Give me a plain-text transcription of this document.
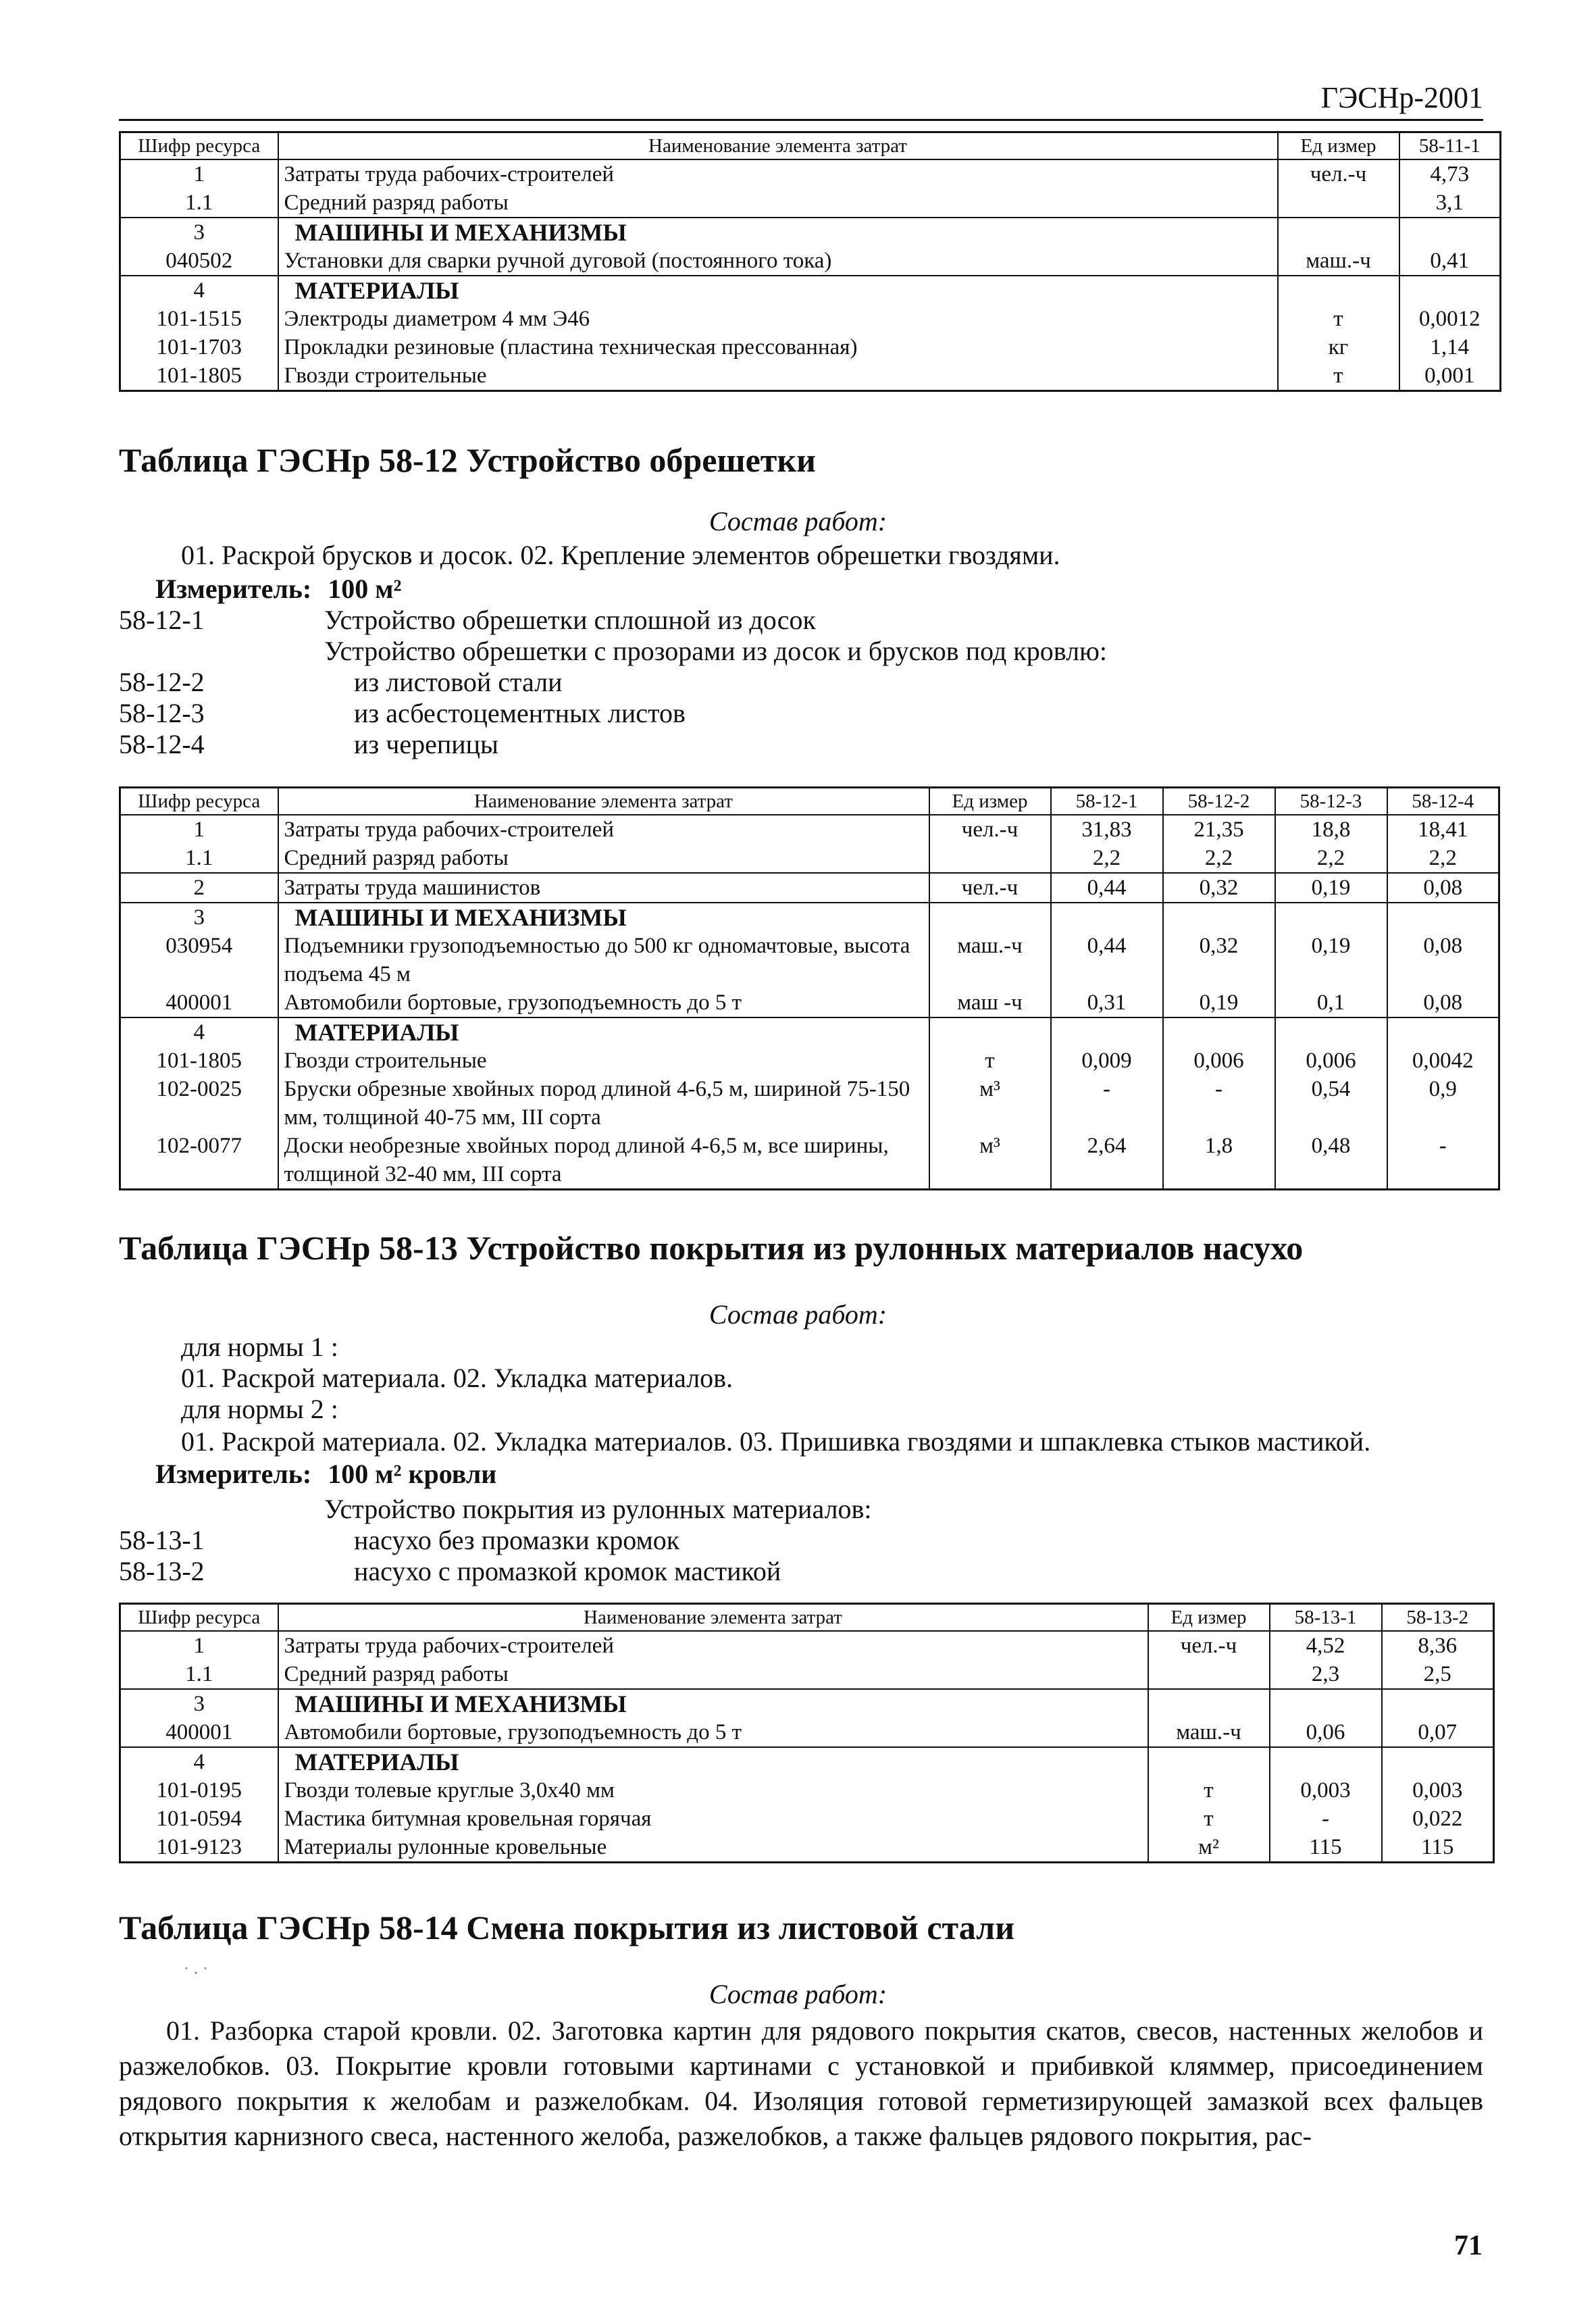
ГЭСНр-2001
Шифр ресурса	Наименование элемента затрат	Ед измер	58-11-1
1	Затраты труда рабочих-строителей	чел.-ч	4,73
1.1	Средний разряд работы		3,1
3	МАШИНЫ И МЕХАНИЗМЫ		
040502	Установки для сварки ручной дуговой (постоянного тока)	маш.-ч	0,41
4	МАТЕРИАЛЫ		
101-1515	Электроды диаметром 4 мм Э46	т	0,0012
101-1703	Прокладки резиновые (пластина техническая прессованная)	кг	1,14
101-1805	Гвозди строительные	т	0,001
Таблица ГЭСНр 58-12 Устройство обрешетки
Состав работ:
01. Раскрой брусков и досок. 02. Крепление элементов обрешетки гвоздями.
Измеритель: 100 м²
58-12-1	Устройство обрешетки сплошной из досок
Устройство обрешетки с прозорами из досок и брусков под кровлю:
58-12-2	из листовой стали
58-12-3	из асбестоцементных листов
58-12-4	из черепицы
Шифр ресурса	Наименование элемента затрат	Ед измер	58-12-1	58-12-2	58-12-3	58-12-4
1	Затраты труда рабочих-строителей	чел.-ч	31,83	21,35	18,8	18,41
1.1	Средний разряд работы		2,2	2,2	2,2	2,2
2	Затраты труда машинистов	чел.-ч	0,44	0,32	0,19	0,08
3	МАШИНЫ И МЕХАНИЗМЫ					
030954	Подъемники грузоподъемностью до 500 кг одномачтовые, высота подъема 45 м	маш.-ч	0,44	0,32	0,19	0,08
400001	Автомобили бортовые, грузоподъемность до 5 т	маш -ч	0,31	0,19	0,1	0,08
4	МАТЕРИАЛЫ					
101-1805	Гвозди строительные	т	0,009	0,006	0,006	0,0042
102-0025	Бруски обрезные хвойных пород длиной 4-6,5 м, шириной 75-150 мм, толщиной 40-75 мм, III сорта	м³	-	-	0,54	0,9
102-0077	Доски необрезные хвойных пород длиной 4-6,5 м, все ширины, толщиной 32-40 мм, III сорта	м³	2,64	1,8	0,48	-
Таблица ГЭСНр 58-13 Устройство покрытия из рулонных материалов насухо
Состав работ:
для нормы 1 :
01. Раскрой материала. 02. Укладка материалов.
для нормы 2 :
01. Раскрой материала. 02. Укладка материалов. 03. Пришивка гвоздями и шпаклевка стыков мастикой.
Измеритель: 100 м² кровли
Устройство покрытия из рулонных материалов:
58-13-1	насухо без промазки кромок
58-13-2	насухо с промазкой кромок мастикой
Шифр ресурса	Наименование элемента затрат	Ед измер	58-13-1	58-13-2
1	Затраты труда рабочих-строителей	чел.-ч	4,52	8,36
1.1	Средний разряд работы		2,3	2,5
3	МАШИНЫ И МЕХАНИЗМЫ			
400001	Автомобили бортовые, грузоподъемность до 5 т	маш.-ч	0,06	0,07
4	МАТЕРИАЛЫ			
101-0195	Гвозди толевые круглые 3,0х40 мм	т	0,003	0,003
101-0594	Мастика битумная кровельная горячая	т	-	0,022
101-9123	Материалы рулонные кровельные	м²	115	115
Таблица ГЭСНр 58-14 Смена покрытия из листовой стали
˙ · ˙
Состав работ:
01. Разборка старой кровли. 02. Заготовка картин для рядового покрытия скатов, свесов, настенных желобов и разжелобков. 03. Покрытие кровли готовыми картинами с установкой и прибивкой кляммер, присоединением рядового покрытия к желобам и разжелобкам. 04. Изоляция готовой герметизирующей замазкой всех фальцев открытия карнизного свеса, настенного желоба, разжелобков, а также фальцев рядового покрытия, рас-
71
